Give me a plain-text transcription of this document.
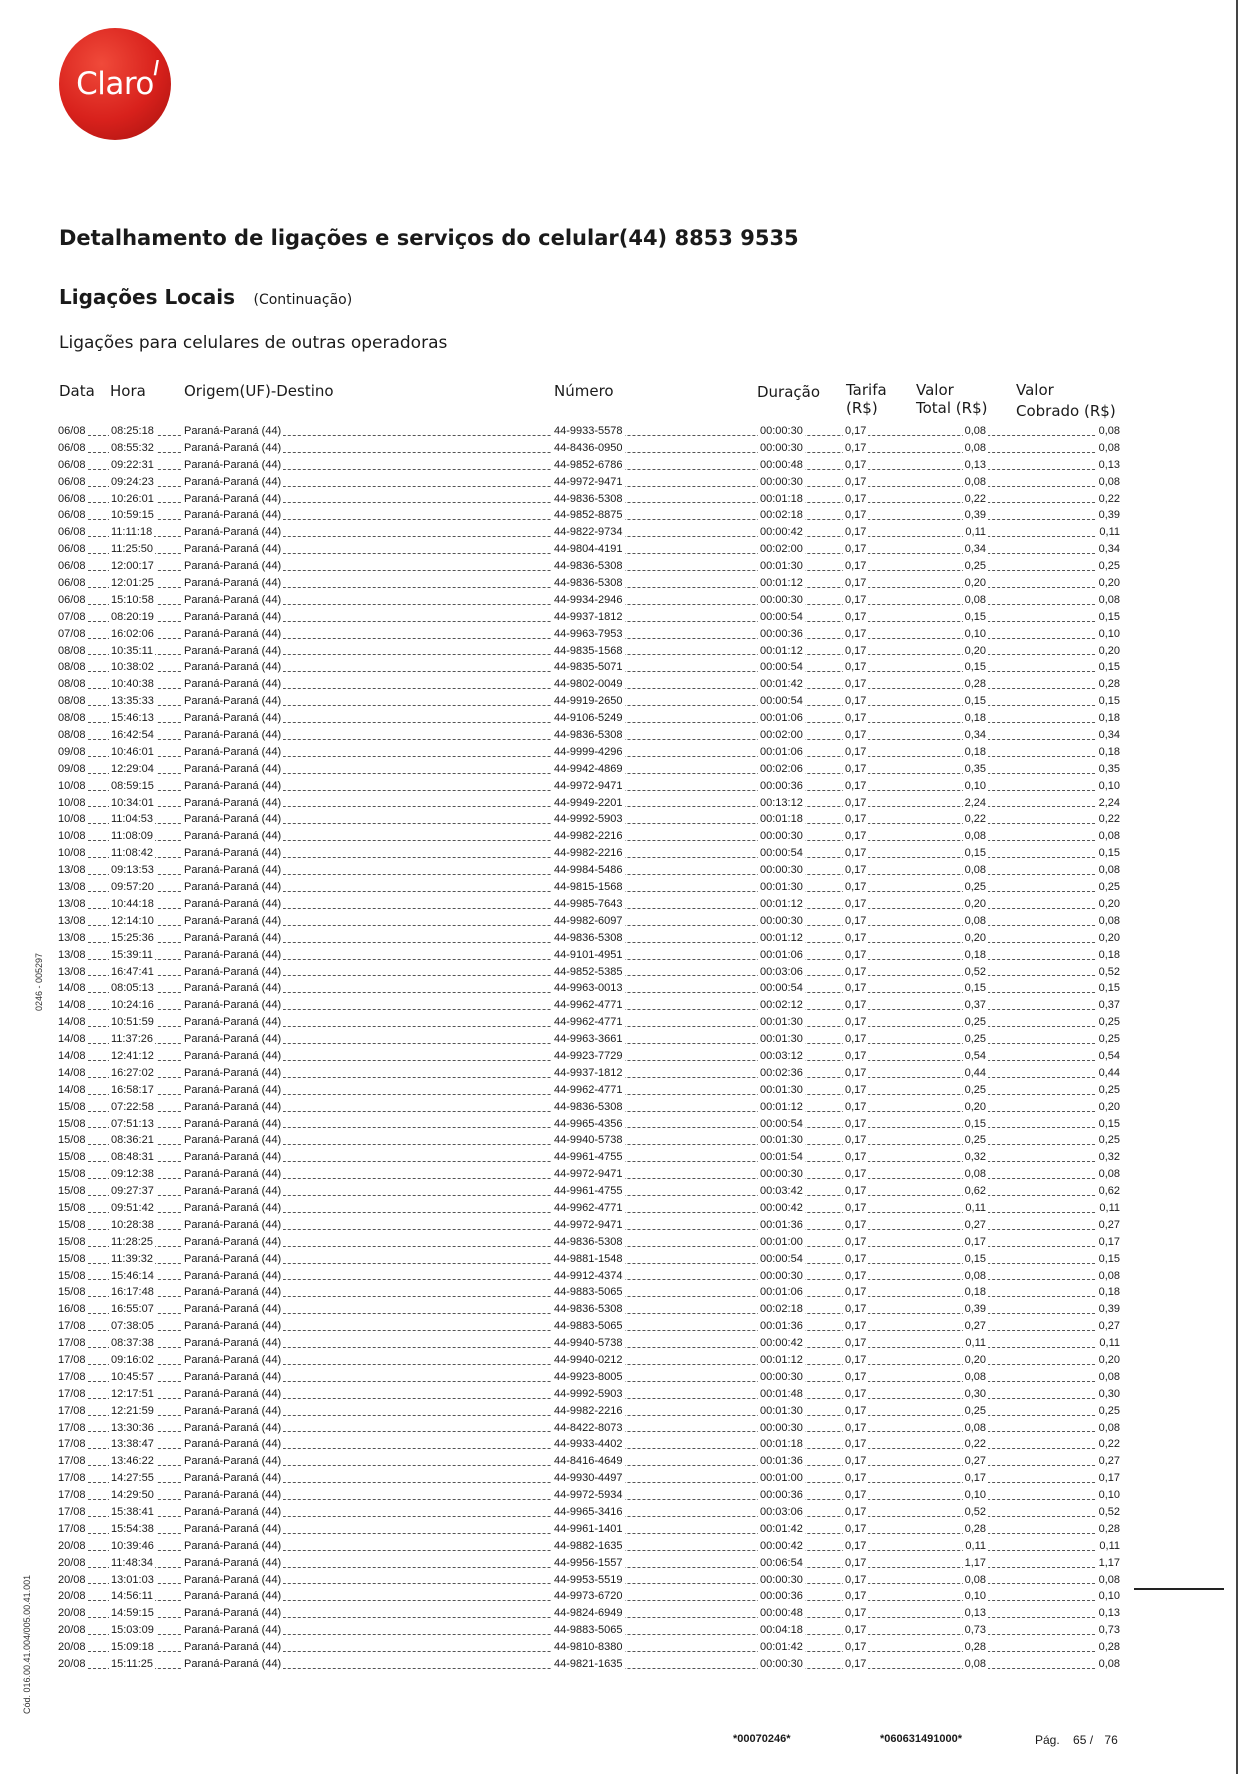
Claro /
Detalhamento de ligações e serviços do celular(44) 8853 9535
Ligações Locais (Continuação)
Ligações para celulares de outras operadoras
Data Hora	Origem(UF)-Destino	Número	Duração Tarifa
(R$)
Valor
Total (R$)
Valor
Cobrado (R$)
06/08 08:25:18	Paraná-Paraná (44)	44-9933-5578	00:00:30	0,17	0,08	0,08
06/08 08:55:32	Paraná-Paraná (44)	44-8436-0950	00:00:30	0,17	0,08	0,08
06/08 09:22:31	Paraná-Paraná (44)	44-9852-6786	00:00:48	0,17	0,13	0,13
06/08 09:24:23	Paraná-Paraná (44)	44-9972-9471	00:00:30	0,17	0,08	0,08
06/08 10:26:01	Paraná-Paraná (44)	44-9836-5308	00:01:18	0,17	0,22	0,22
06/08 10:59:15	Paraná-Paraná (44)	44-9852-8875	00:02:18	0,17	0,39	0,39
06/08 11:11:18	Paraná-Paraná (44)	44-9822-9734	00:00:42	0,17	0,11	0,11
06/08 11:25:50	Paraná-Paraná (44)	44-9804-4191	00:02:00	0,17	0,34	0,34
06/08 12:00:17	Paraná-Paraná (44)	44-9836-5308	00:01:30	0,17	0,25	0,25
06/08 12:01:25	Paraná-Paraná (44)	44-9836-5308	00:01:12	0,17	0,20	0,20
06/08 15:10:58	Paraná-Paraná (44)	44-9934-2946	00:00:30	0,17	0,08	0,08
07/08 08:20:19	Paraná-Paraná (44)	44-9937-1812	00:00:54	0,17	0,15	0,15
07/08 16:02:06	Paraná-Paraná (44)	44-9963-7953	00:00:36	0,17	0,10	0,10
08/08 10:35:11	Paraná-Paraná (44)	44-9835-1568	00:01:12	0,17	0,20	0,20
08/08 10:38:02	Paraná-Paraná (44)	44-9835-5071	00:00:54	0,17	0,15	0,15
08/08 10:40:38	Paraná-Paraná (44)	44-9802-0049	00:01:42	0,17	0,28	0,28
08/08 13:35:33	Paraná-Paraná (44)	44-9919-2650	00:00:54	0,17	0,15	0,15
08/08 15:46:13	Paraná-Paraná (44)	44-9106-5249	00:01:06	0,17	0,18	0,18
08/08 16:42:54	Paraná-Paraná (44)	44-9836-5308	00:02:00	0,17	0,34	0,34
09/08 10:46:01	Paraná-Paraná (44)	44-9999-4296	00:01:06	0,17	0,18	0,18
09/08 12:29:04	Paraná-Paraná (44)	44-9942-4869	00:02:06	0,17	0,35	0,35
10/08 08:59:15	Paraná-Paraná (44)	44-9972-9471	00:00:36	0,17	0,10	0,10
10/08 10:34:01	Paraná-Paraná (44)	44-9949-2201	00:13:12	0,17	2,24	2,24
10/08 11:04:53	Paraná-Paraná (44)	44-9992-5903	00:01:18	0,17	0,22	0,22
10/08 11:08:09	Paraná-Paraná (44)	44-9982-2216	00:00:30	0,17	0,08	0,08
10/08 11:08:42	Paraná-Paraná (44)	44-9982-2216	00:00:54	0,17	0,15	0,15
13/08 09:13:53	Paraná-Paraná (44)	44-9984-5486	00:00:30	0,17	0,08	0,08
13/08 09:57:20	Paraná-Paraná (44)	44-9815-1568	00:01:30	0,17	0,25	0,25
13/08 10:44:18	Paraná-Paraná (44)	44-9985-7643	00:01:12	0,17	0,20	0,20
13/08 12:14:10	Paraná-Paraná (44)	44-9982-6097	00:00:30	0,17	0,08	0,08
13/08 15:25:36	Paraná-Paraná (44)	44-9836-5308	00:01:12	0,17	0,20	0,20
13/08 15:39:11	Paraná-Paraná (44)	44-9101-4951	00:01:06	0,17	0,18	0,18
13/08 16:47:41	Paraná-Paraná (44)	44-9852-5385	00:03:06	0,17	0,52	0,52
14/08 08:05:13	Paraná-Paraná (44)	44-9963-0013	00:00:54	0,17	0,15	0,15
14/08 10:24:16	Paraná-Paraná (44)	44-9962-4771	00:02:12	0,17	0,37	0,37
14/08 10:51:59	Paraná-Paraná (44)	44-9962-4771	00:01:30	0,17	0,25	0,25
14/08 11:37:26	Paraná-Paraná (44)	44-9963-3661	00:01:30	0,17	0,25	0,25
14/08 12:41:12	Paraná-Paraná (44)	44-9923-7729	00:03:12	0,17	0,54	0,54
14/08 16:27:02	Paraná-Paraná (44)	44-9937-1812	00:02:36	0,17	0,44	0,44
14/08 16:58:17	Paraná-Paraná (44)	44-9962-4771	00:01:30	0,17	0,25	0,25
15/08 07:22:58	Paraná-Paraná (44)	44-9836-5308	00:01:12	0,17	0,20	0,20
15/08 07:51:13	Paraná-Paraná (44)	44-9965-4356	00:00:54	0,17	0,15	0,15
15/08 08:36:21	Paraná-Paraná (44)	44-9940-5738	00:01:30	0,17	0,25	0,25
15/08 08:48:31	Paraná-Paraná (44)	44-9961-4755	00:01:54	0,17	0,32	0,32
15/08 09:12:38	Paraná-Paraná (44)	44-9972-9471	00:00:30	0,17	0,08	0,08
15/08 09:27:37	Paraná-Paraná (44)	44-9961-4755	00:03:42	0,17	0,62	0,62
15/08 09:51:42	Paraná-Paraná (44)	44-9962-4771	00:00:42	0,17	0,11	0,11
15/08 10:28:38	Paraná-Paraná (44)	44-9972-9471	00:01:36	0,17	0,27	0,27
15/08 11:28:25	Paraná-Paraná (44)	44-9836-5308	00:01:00	0,17	0,17	0,17
15/08 11:39:32	Paraná-Paraná (44)	44-9881-1548	00:00:54	0,17	0,15	0,15
15/08 15:46:14	Paraná-Paraná (44)	44-9912-4374	00:00:30	0,17	0,08	0,08
15/08 16:17:48	Paraná-Paraná (44)	44-9883-5065	00:01:06	0,17	0,18	0,18
16/08 16:55:07	Paraná-Paraná (44)	44-9836-5308	00:02:18	0,17	0,39	0,39
17/08 07:38:05	Paraná-Paraná (44)	44-9883-5065	00:01:36	0,17	0,27	0,27
17/08 08:37:38	Paraná-Paraná (44)	44-9940-5738	00:00:42	0,17	0,11	0,11
17/08 09:16:02	Paraná-Paraná (44)	44-9940-0212	00:01:12	0,17	0,20	0,20
17/08 10:45:57	Paraná-Paraná (44)	44-9923-8005	00:00:30	0,17	0,08	0,08
17/08 12:17:51	Paraná-Paraná (44)	44-9992-5903	00:01:48	0,17	0,30	0,30
17/08 12:21:59	Paraná-Paraná (44)	44-9982-2216	00:01:30	0,17	0,25	0,25
17/08 13:30:36	Paraná-Paraná (44)	44-8422-8073	00:00:30	0,17	0,08	0,08
17/08 13:38:47	Paraná-Paraná (44)	44-9933-4402	00:01:18	0,17	0,22	0,22
17/08 13:46:22	Paraná-Paraná (44)	44-8416-4649	00:01:36	0,17	0,27	0,27
17/08 14:27:55	Paraná-Paraná (44)	44-9930-4497	00:01:00	0,17	0,17	0,17
17/08 14:29:50	Paraná-Paraná (44)	44-9972-5934	00:00:36	0,17	0,10	0,10
17/08 15:38:41	Paraná-Paraná (44)	44-9965-3416	00:03:06	0,17	0,52	0,52
17/08 15:54:38	Paraná-Paraná (44)	44-9961-1401	00:01:42	0,17	0,28	0,28
20/08 10:39:46	Paraná-Paraná (44)	44-9882-1635	00:00:42	0,17	0,11	0,11
20/08 11:48:34	Paraná-Paraná (44)	44-9956-1557	00:06:54	0,17	1,17	1,17
20/08 13:01:03	Paraná-Paraná (44)	44-9953-5519	00:00:30	0,17	0,08	0,08
20/08 14:56:11	Paraná-Paraná (44)	44-9973-6720	00:00:36	0,17	0,10	0,10
20/08 14:59:15	Paraná-Paraná (44)	44-9824-6949	00:00:48	0,17	0,13	0,13
20/08 15:03:09	Paraná-Paraná (44)	44-9883-5065	00:04:18	0,17	0,73	0,73
20/08 15:09:18	Paraná-Paraná (44)	44-9810-8380	00:01:42	0,17	0,28	0,28
20/08 15:11:25	Paraná-Paraná (44)	44-9821-1635	00:00:30	0,17	0,08	0,08
0246 - 005297
Cód. 016.00.41.004/005.00.41.001
*00070246*	*060631491000*	Pág. 65 / 76
